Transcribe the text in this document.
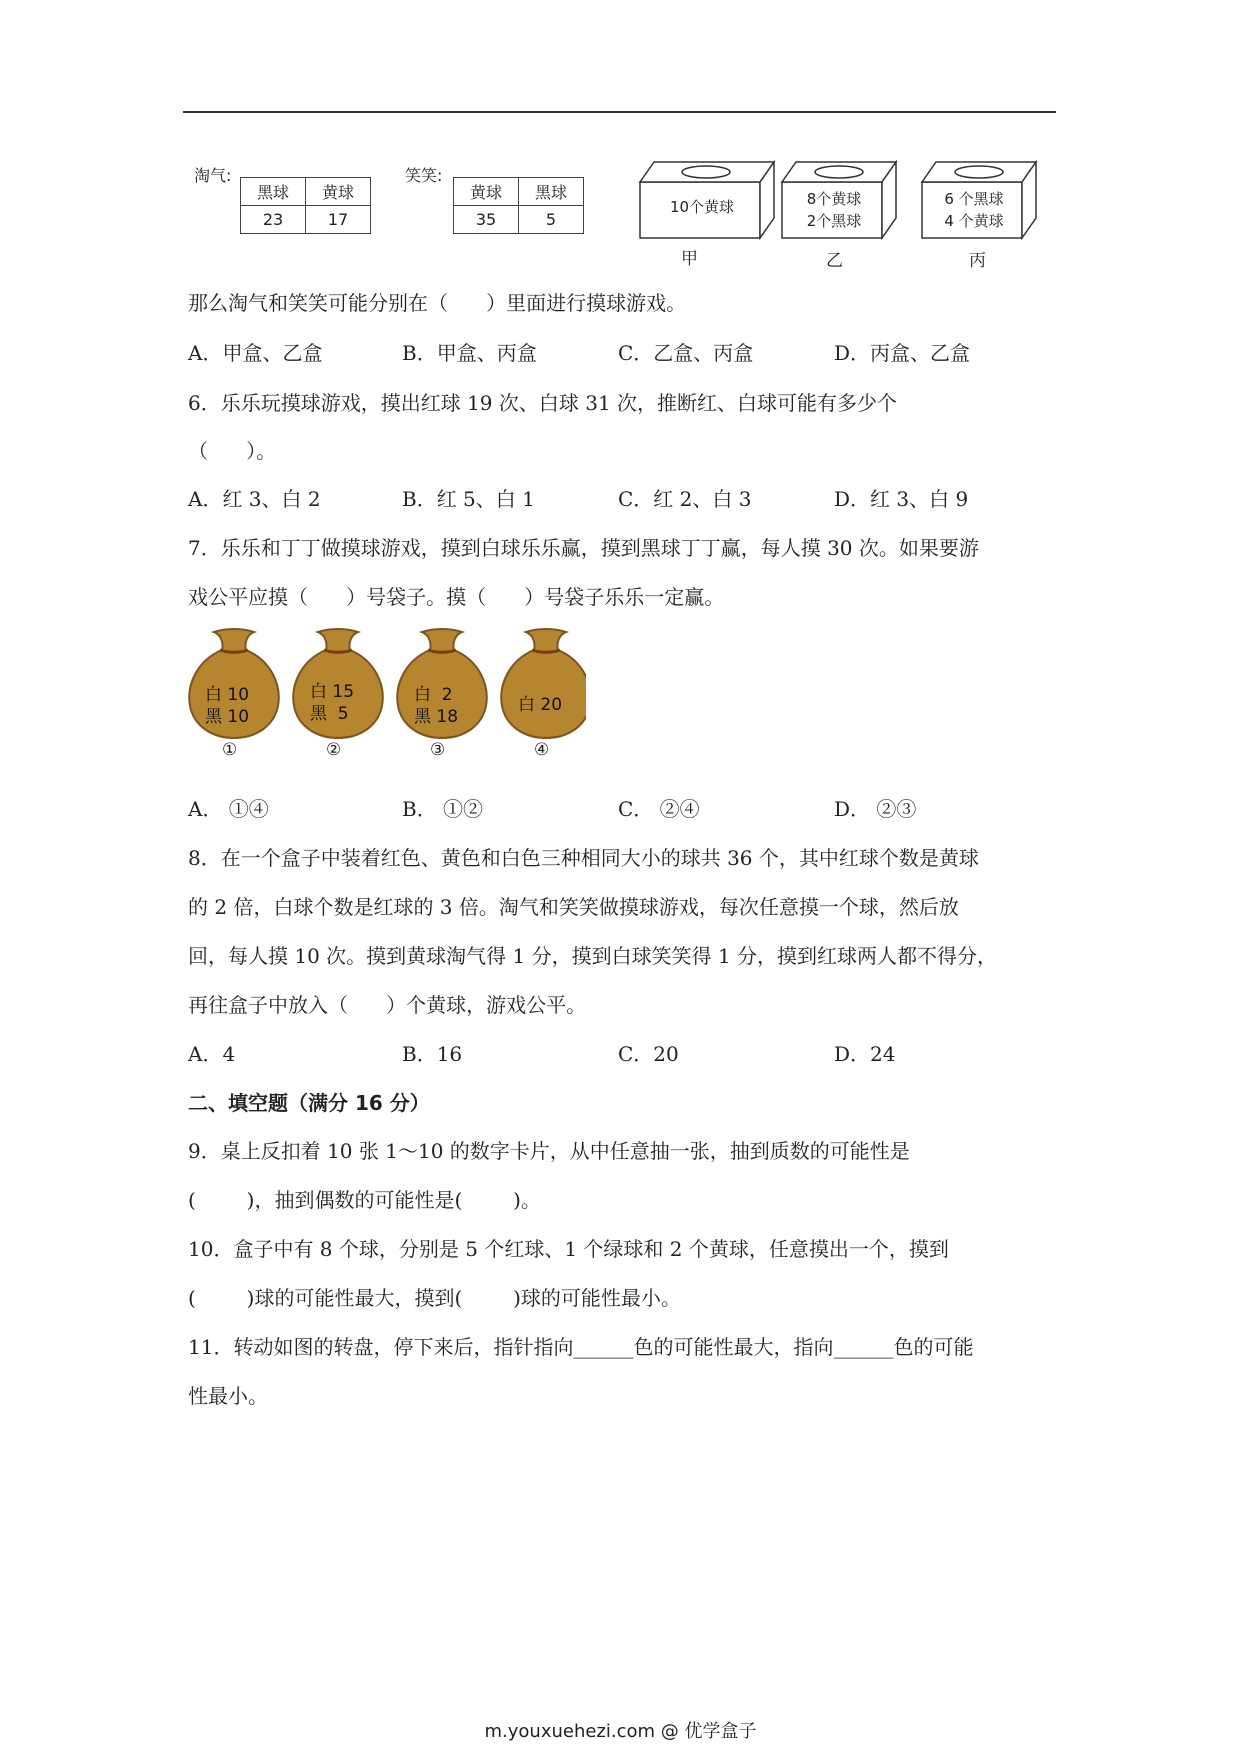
淘气:
黑球	黄球
23	17
笑笑:
黄球	黑球
35	5
10个黄球	8个黄球
2个黑球
6 个黑球
4 个黄球
甲	乙	丙
那么淘气和笑笑可能分别在（      ）里面进行摸球游戏。
A．甲盒、乙盒	B．甲盒、丙盒	C．乙盒、丙盒	D．丙盒、乙盒
6．乐乐玩摸球游戏，摸出红球 19 次、白球 31 次，推断红、白球可能有多少个
（      ）。
A．红 3、白 2	B．红 5、白 1	C．红 2、白 3	D．红 3、白 9
7．乐乐和丁丁做摸球游戏，摸到白球乐乐赢，摸到黑球丁丁赢，每人摸 30 次。如果要游
戏公平应摸（      ）号袋子。摸（      ）号袋子乐乐一定赢。
白 10
黑 10
白 15
黑  5
白  2
黑 18
白 20
①	②	③	④
A． ①④	B． ①②	C． ②④	D． ②③
8．在一个盒子中装着红色、黄色和白色三种相同大小的球共 36 个，其中红球个数是黄球
的 2 倍，白球个数是红球的 3 倍。淘气和笑笑做摸球游戏，每次任意摸一个球，然后放
回，每人摸 10 次。摸到黄球淘气得 1 分，摸到白球笑笑得 1 分，摸到红球两人都不得分，
再往盒子中放入（      ）个黄球，游戏公平。
A．4	B．16	C．20	D．24
二、填空题（满分 16 分）
9．桌上反扣着 10 张 1～10 的数字卡片，从中任意抽一张，抽到质数的可能性是
(        )，抽到偶数的可能性是(        )。
10．盒子中有 8 个球，分别是 5 个红球、1 个绿球和 2 个黄球，任意摸出一个，摸到
(        )球的可能性最大，摸到(        )球的可能性最小。
11．转动如图的转盘，停下来后，指针指向______色的可能性最大，指向______色的可能
性最小。
m.youxuehezi.com @ 优学盒子
